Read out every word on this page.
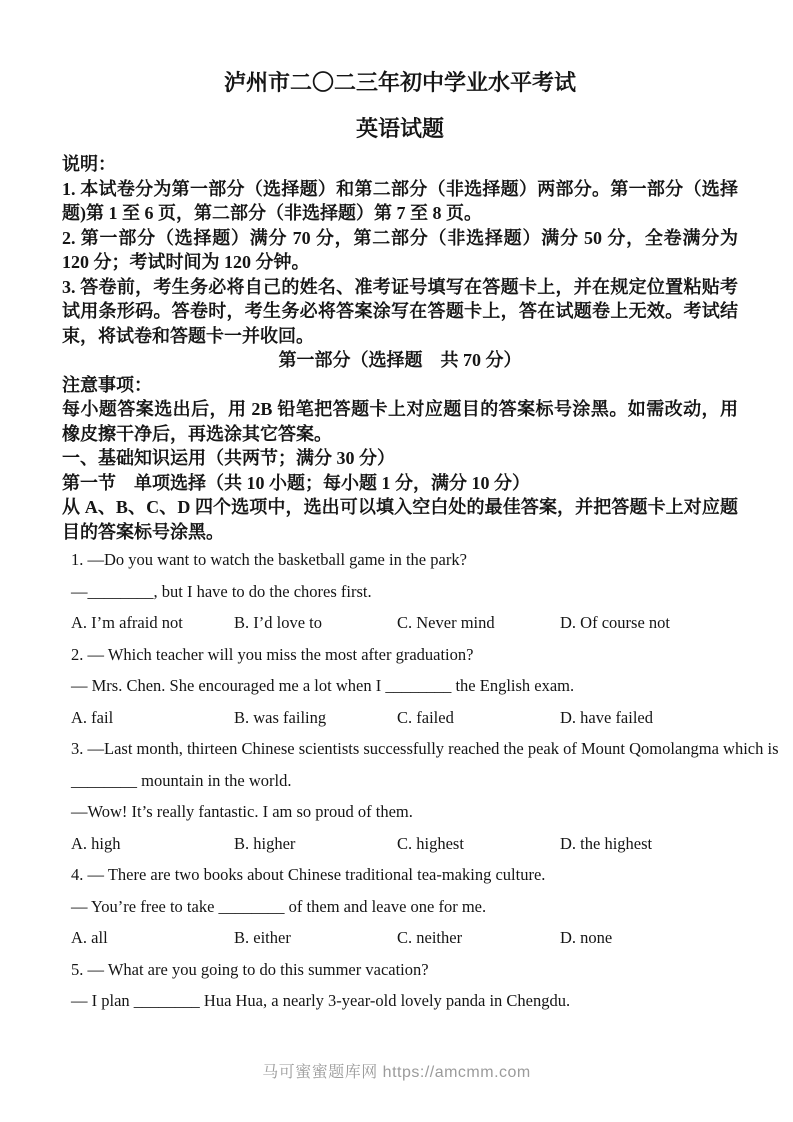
泸州市二〇二三年初中学业水平考试
英语试题
说明：
1. 本试卷分为第一部分（选择题）和第二部分（非选择题）两部分。第一部分（选择题)第 1 至 6 页，第二部分（非选择题）第 7 至 8 页。
2. 第一部分（选择题）满分 70 分，第二部分（非选择题）满分 50 分，全卷满分为 120 分；考试时间为 120 分钟。
3. 答卷前，考生务必将自己的姓名、准考证号填写在答题卡上，并在规定位置粘贴考试用条形码。答卷时，考生务必将答案涂写在答题卡上，答在试题卷上无效。考试结束，将试卷和答题卡一并收回。
第一部分（选择题　共 70 分）
注意事项：
每小题答案选出后，用 2B 铅笔把答题卡上对应题目的答案标号涂黑。如需改动，用橡皮擦干净后，再选涂其它答案。
一、基础知识运用（共两节；满分 30 分）
第一节　单项选择（共 10 小题；每小题 1 分，满分 10 分）
从 A、B、C、D 四个选项中，选出可以填入空白处的最佳答案，并把答题卡上对应题目的答案标号涂黑。
1. —Do you want to watch the basketball game in the park?
—________, but I have to do the chores first.
A. I’m afraid not	B. I’d love to	C. Never mind	D. Of course not
2. — Which teacher will you miss the most after graduation?
— Mrs. Chen. She encouraged me a lot when I ________ the English exam.
A. fail	B. was failing	C. failed	D. have failed
3. —Last month, thirteen Chinese scientists successfully reached the peak of Mount Qomolangma which is
________ mountain in the world.
—Wow! It’s really fantastic. I am so proud of them.
A. high	B. higher	C. highest	D. the highest
4. — There are two books about Chinese traditional tea-making culture.
— You’re free to take ________ of them and leave one for me.
A. all	B. either	C. neither	D. none
5. — What are you going to do this summer vacation?
— I plan ________ Hua Hua, a nearly 3-year-old lovely panda in Chengdu.
马可蜜蜜题库网 https://amcmm.com
